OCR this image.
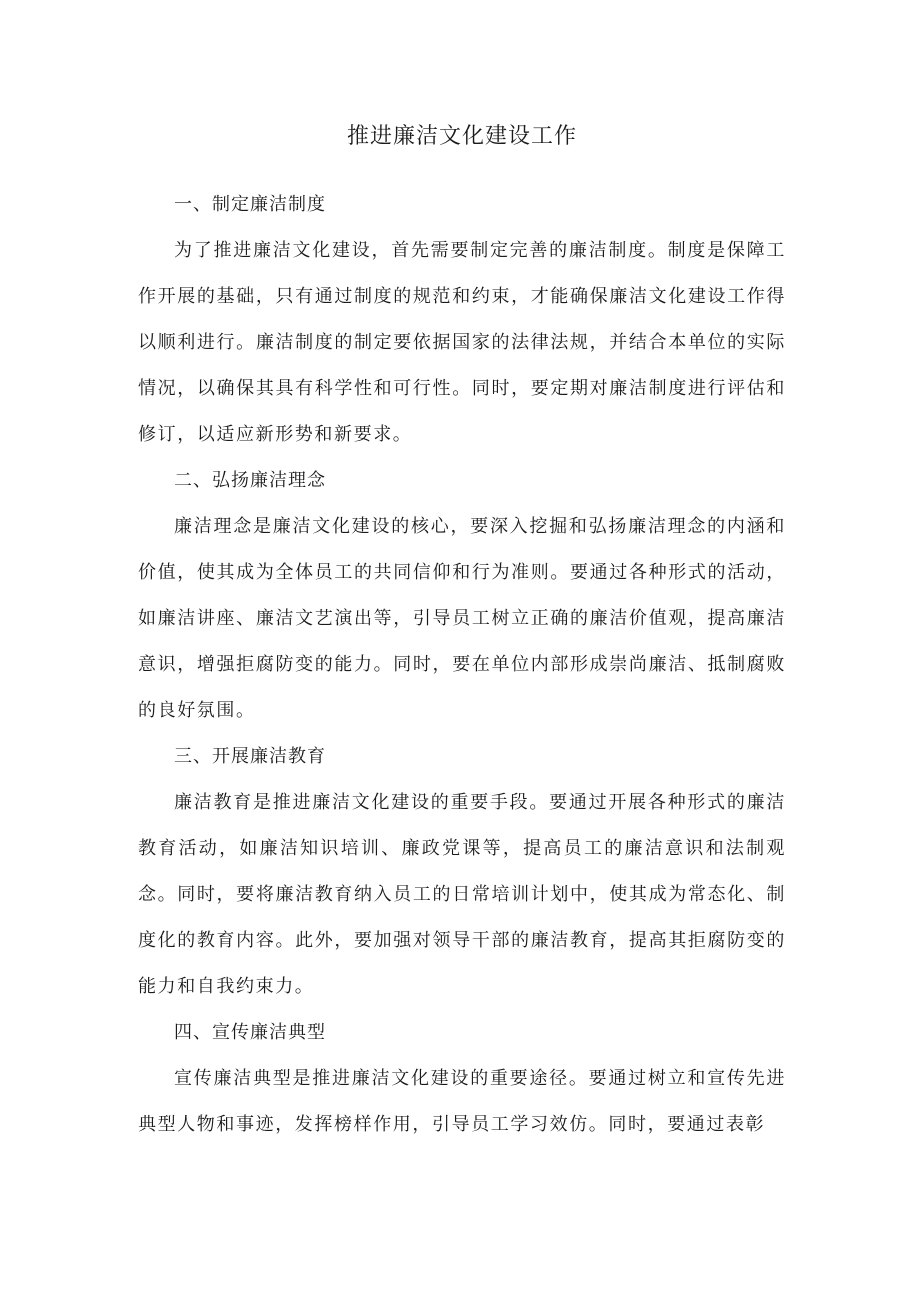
推进廉洁文化建设工作

一、制定廉洁制度

为了推进廉洁文化建设，首先需要制定完善的廉洁制度。制度是保障工作开展的基础，只有通过制度的规范和约束，才能确保廉洁文化建设工作得以顺利进行。廉洁制度的制定要依据国家的法律法规，并结合本单位的实际情况，以确保其具有科学性和可行性。同时，要定期对廉洁制度进行评估和修订，以适应新形势和新要求。

二、弘扬廉洁理念

廉洁理念是廉洁文化建设的核心，要深入挖掘和弘扬廉洁理念的内涵和价值，使其成为全体员工的共同信仰和行为准则。要通过各种形式的活动，如廉洁讲座、廉洁文艺演出等，引导员工树立正确的廉洁价值观，提高廉洁意识，增强拒腐防变的能力。同时，要在单位内部形成崇尚廉洁、抵制腐败的良好氛围。

三、开展廉洁教育

廉洁教育是推进廉洁文化建设的重要手段。要通过开展各种形式的廉洁教育活动，如廉洁知识培训、廉政党课等，提高员工的廉洁意识和法制观念。同时，要将廉洁教育纳入员工的日常培训计划中，使其成为常态化、制度化的教育内容。此外，要加强对领导干部的廉洁教育，提高其拒腐防变的能力和自我约束力。

四、宣传廉洁典型

宣传廉洁典型是推进廉洁文化建设的重要途径。要通过树立和宣传先进典型人物和事迹，发挥榜样作用，引导员工学习效仿。同时，要通过表彰
